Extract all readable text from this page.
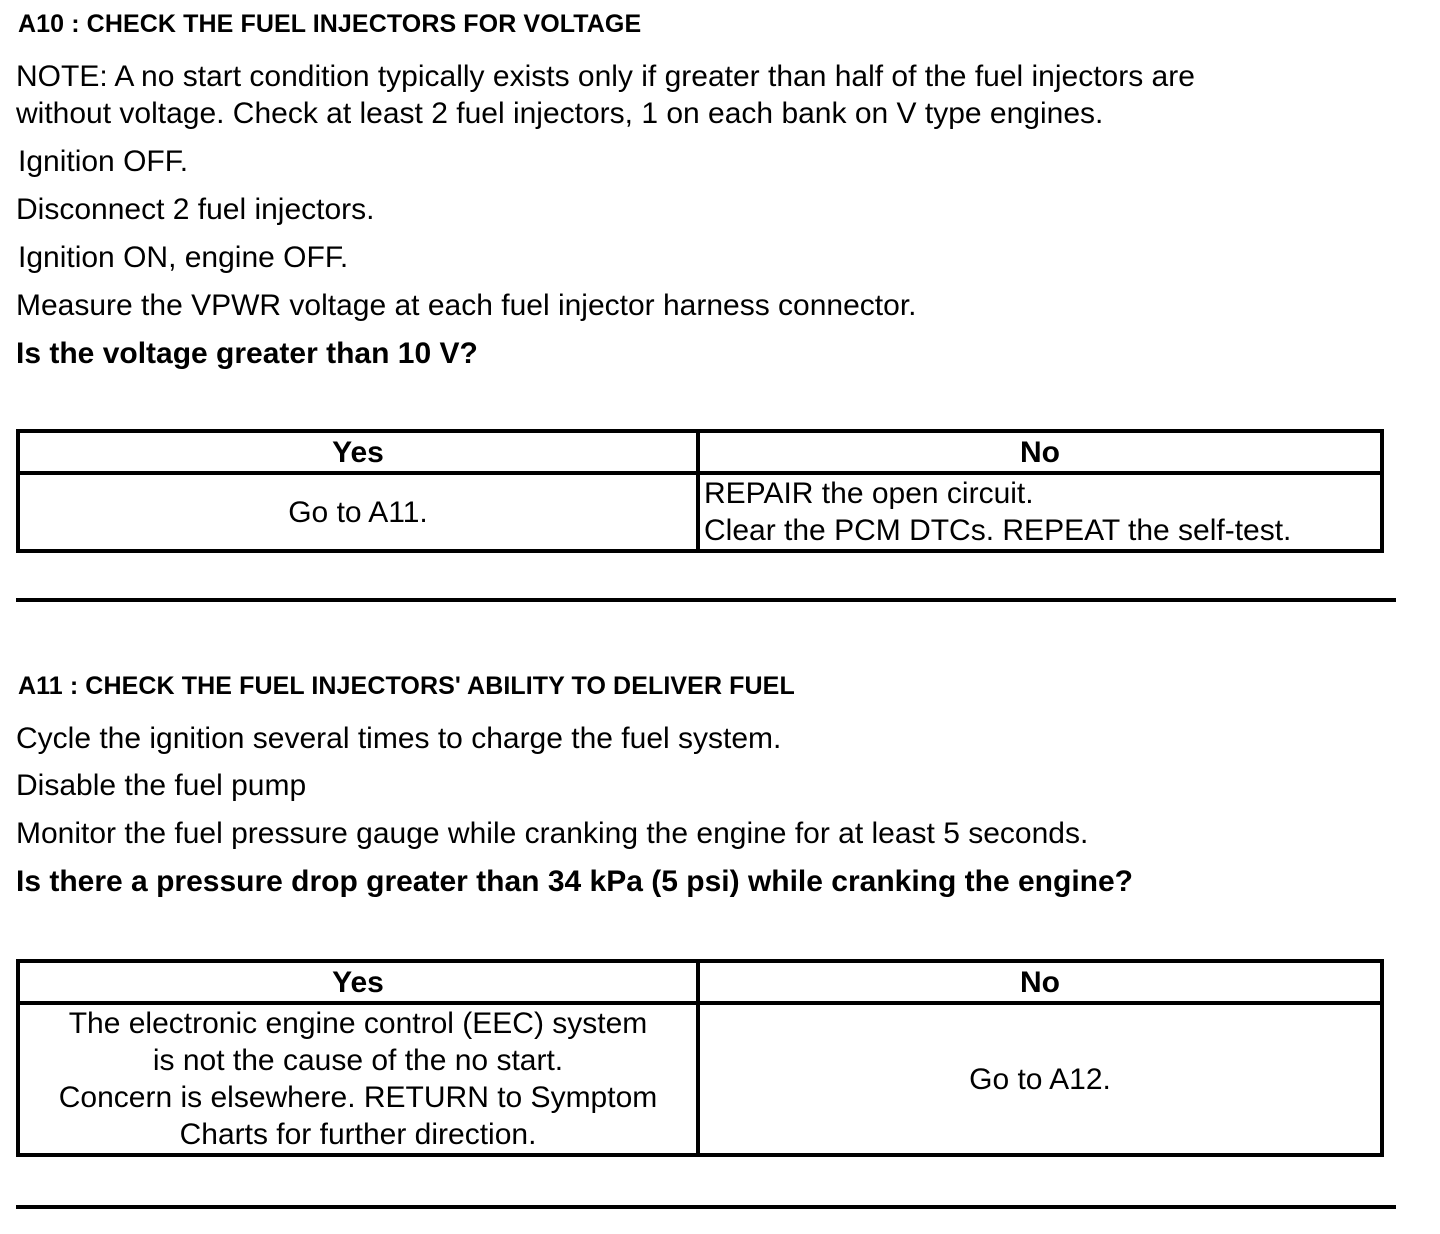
A10 : CHECK THE FUEL INJECTORS FOR VOLTAGE

NOTE: A no start condition typically exists only if greater than half of the fuel injectors are

without voltage. Check at least 2 fuel injectors, 1 on each bank on V type engines.

Ignition OFF.

Disconnect 2 fuel injectors.

Ignition ON, engine OFF.

Measure the VPWR voltage at each fuel injector harness connector.

Is the voltage greater than 10 V?

Yes	No
Go to A11.	REPAIR the open circuit.
Clear the PCM DTCs. REPEAT the self-test.
A11 : CHECK THE FUEL INJECTORS' ABILITY TO DELIVER FUEL

Cycle the ignition several times to charge the fuel system.

Disable the fuel pump

Monitor the fuel pressure gauge while cranking the engine for at least 5 seconds.

Is there a pressure drop greater than 34 kPa (5 psi) while cranking the engine?

Yes	No

The electronic engine control (EEC) system
is not the cause of the no start.
Concern is elsewhere. RETURN to Symptom
Charts for further direction.	Go to A12.
